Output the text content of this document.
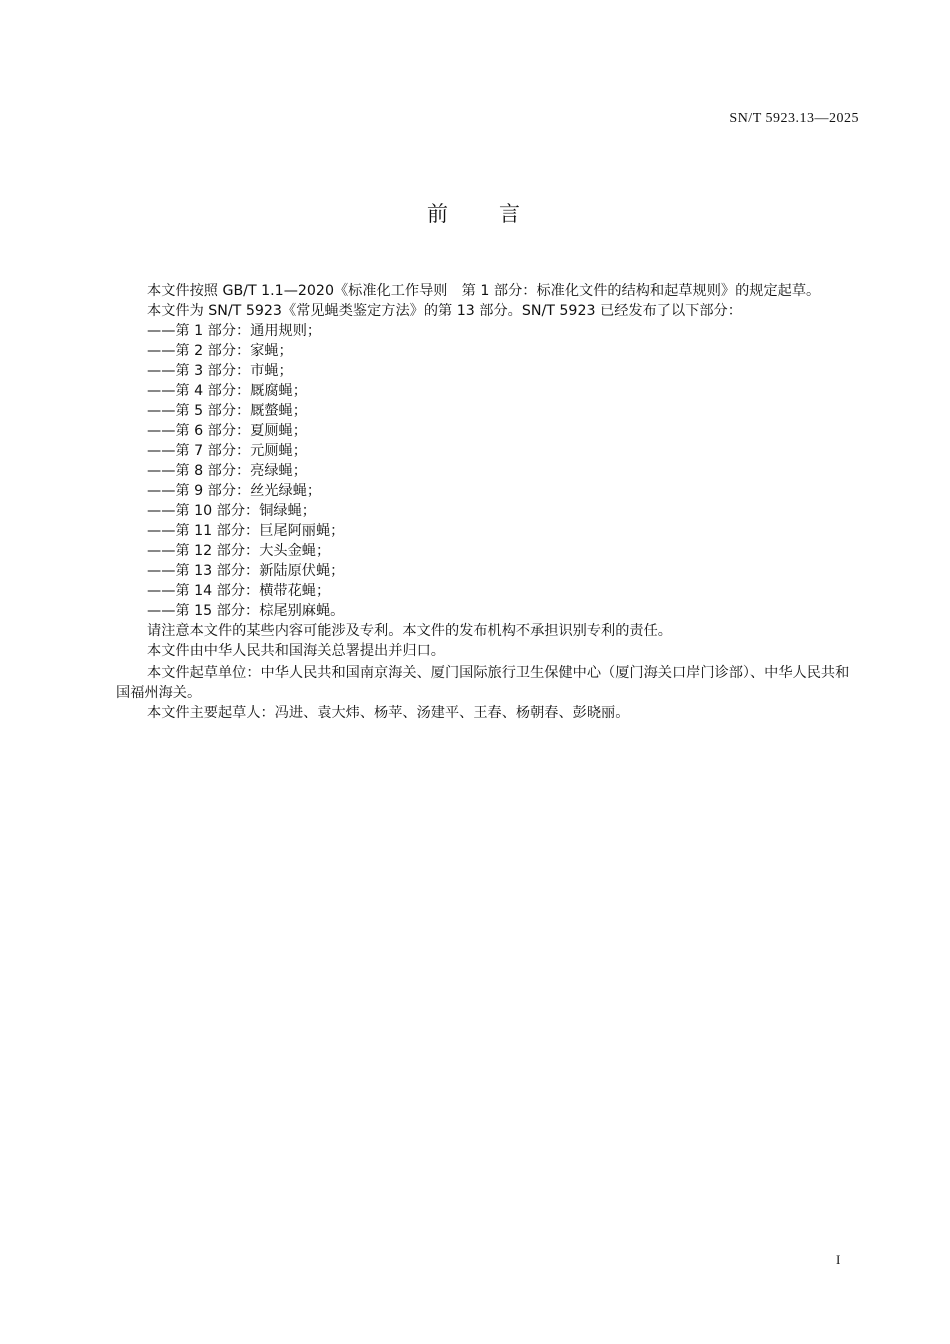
SN/T 5923.13—2025
前 言

本文件按照 GB/T 1.1—2020《标准化工作导则　第 1 部分：标准化文件的结构和起草规则》的规定起草。

本文件为 SN/T 5923《常见蝇类鉴定方法》的第 13 部分。SN/T 5923 已经发布了以下部分：

——第 1 部分：通用规则；

——第 2 部分：家蝇；

——第 3 部分：市蝇；

——第 4 部分：厩腐蝇；

——第 5 部分：厩螫蝇；

——第 6 部分：夏厕蝇；

——第 7 部分：元厕蝇；

——第 8 部分：亮绿蝇；

——第 9 部分：丝光绿蝇；

——第 10 部分：铜绿蝇；

——第 11 部分：巨尾阿丽蝇；

——第 12 部分：大头金蝇；

——第 13 部分：新陆原伏蝇；

——第 14 部分：横带花蝇；

——第 15 部分：棕尾别麻蝇。

请注意本文件的某些内容可能涉及专利。本文件的发布机构不承担识别专利的责任。

本文件由中华人民共和国海关总署提出并归口。

本文件起草单位：中华人民共和国南京海关、厦门国际旅行卫生保健中心（厦门海关口岸门诊部）、中华人民共和国福州海关。

本文件主要起草人：冯进、袁大炜、杨苹、汤建平、王春、杨朝春、彭晓丽。

I
